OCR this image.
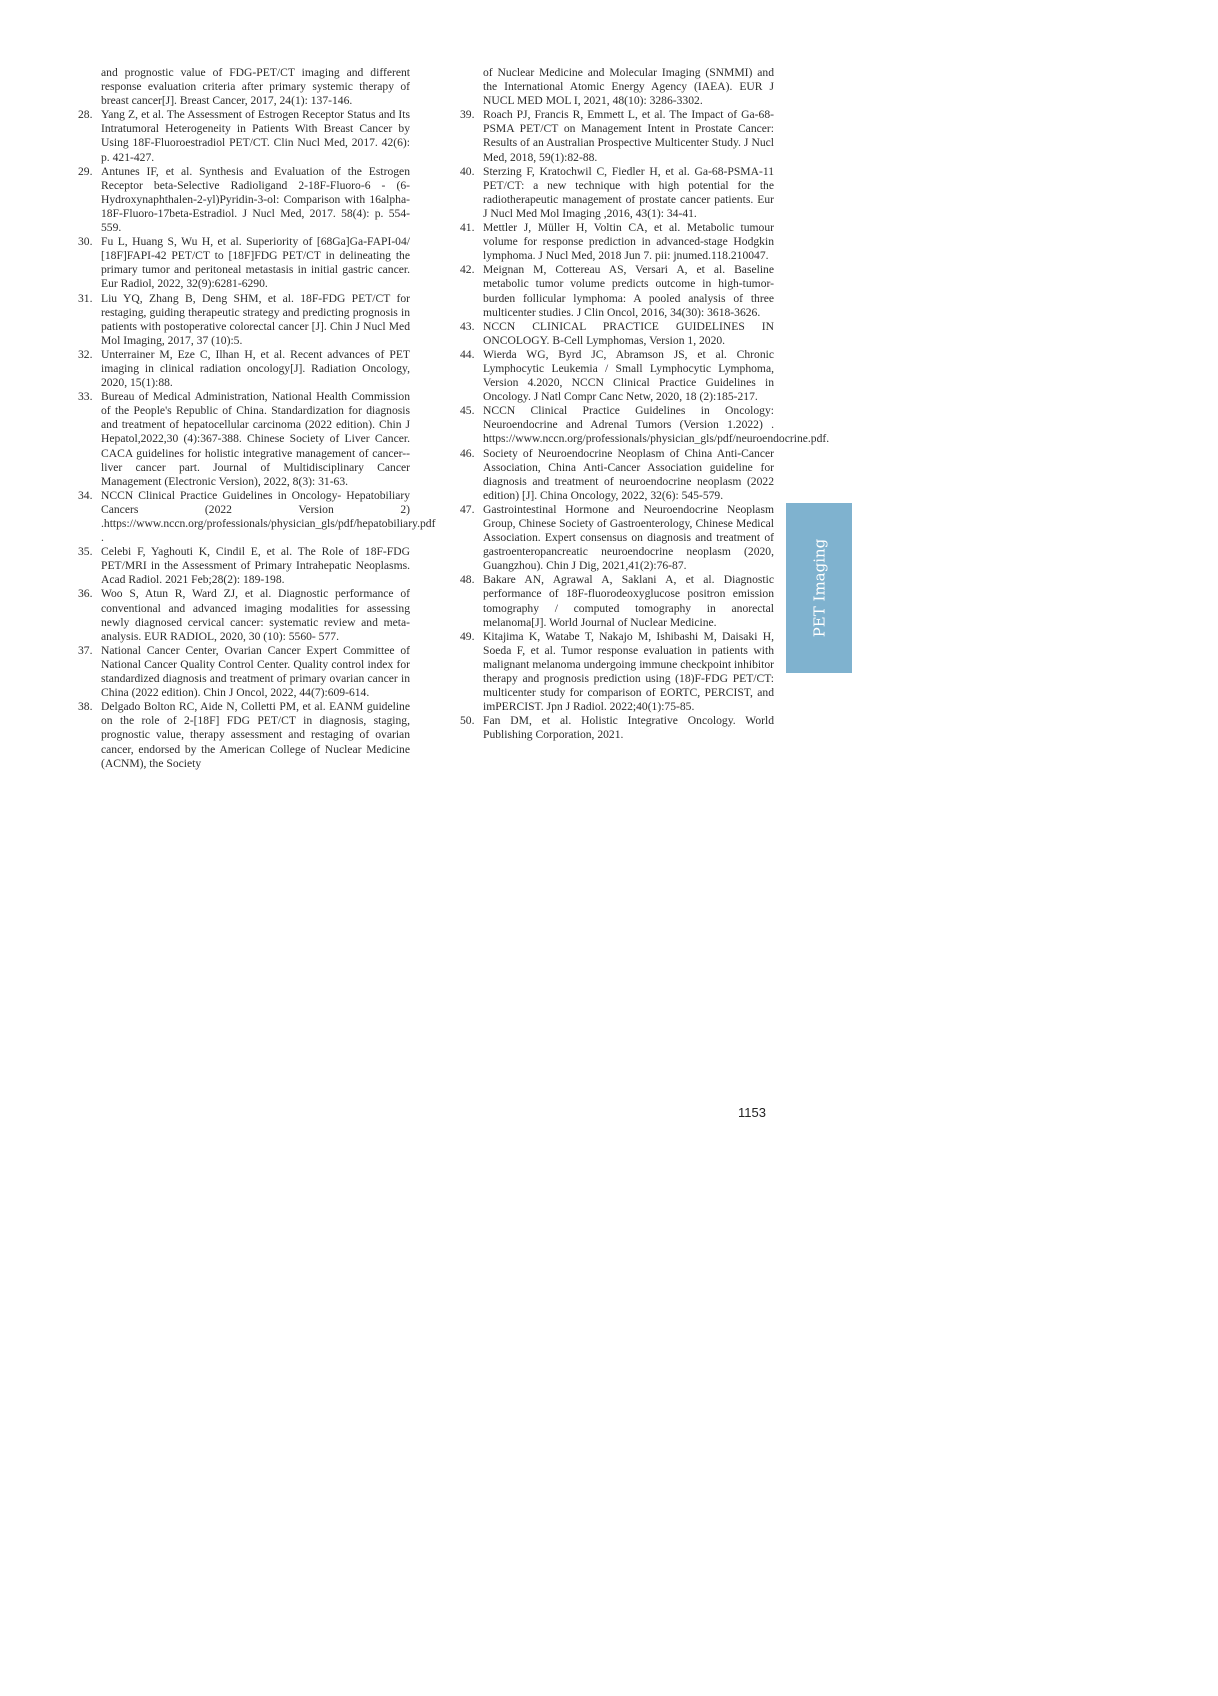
and prognostic value of FDG-PET/CT imaging and different response evaluation criteria after primary systemic therapy of breast cancer[J]. Breast Cancer, 2017, 24(1): 137-146.
28. Yang Z, et al. The Assessment of Estrogen Receptor Status and Its Intratumoral Heterogeneity in Patients With Breast Cancer by Using 18F-Fluoroestradiol PET/CT. Clin Nucl Med, 2017. 42(6): p. 421-427.
29. Antunes IF, et al. Synthesis and Evaluation of the Estrogen Receptor beta-Selective Radioligand 2-18F-Fluoro-6 - (6-Hydroxynaphthalen-2-yl)Pyridin-3-ol: Comparison with 16alpha-18F-Fluoro-17beta-Estradiol. J Nucl Med, 2017. 58(4): p. 554-559.
30. Fu L, Huang S, Wu H, et al. Superiority of [68Ga]Ga-FAPI-04/ [18F]FAPI-42 PET/CT to [18F]FDG PET/CT in delineating the primary tumor and peritoneal metastasis in initial gastric cancer. Eur Radiol, 2022, 32(9):6281-6290.
31. Liu YQ, Zhang B, Deng SHM, et al. 18F-FDG PET/CT for restaging, guiding therapeutic strategy and predicting prognosis in patients with postoperative colorectal cancer [J]. Chin J Nucl Med Mol Imaging, 2017, 37 (10):5.
32. Unterrainer M, Eze C, Ilhan H, et al. Recent advances of PET imaging in clinical radiation oncology[J]. Radiation Oncology, 2020, 15(1):88.
33. Bureau of Medical Administration, National Health Commission of the People's Republic of China. Standardization for diagnosis and treatment of hepatocellular carcinoma (2022 edition). Chin J Hepatol,2022,30 (4):367-388. Chinese Society of Liver Cancer. CACA guidelines for holistic integrative management of cancer--liver cancer part. Journal of Multidisciplinary Cancer Management (Electronic Version), 2022, 8(3): 31-63.
34. NCCN Clinical Practice Guidelines in Oncology- Hepatobiliary Cancers (2022 Version 2) .https://www.nccn.org/professionals/physician_gls/pdf/hepatobiliary.pdf .
35. Celebi F, Yaghouti K, Cindil E, et al. The Role of 18F-FDG PET/MRI in the Assessment of Primary Intrahepatic Neoplasms. Acad Radiol. 2021 Feb;28(2): 189-198.
36. Woo S, Atun R, Ward ZJ, et al. Diagnostic performance of conventional and advanced imaging modalities for assessing newly diagnosed cervical cancer: systematic review and meta-analysis. EUR RADIOL, 2020, 30 (10): 5560- 577.
37. National Cancer Center, Ovarian Cancer Expert Committee of National Cancer Quality Control Center. Quality control index for standardized diagnosis and treatment of primary ovarian cancer in China (2022 edition). Chin J Oncol, 2022, 44(7):609-614.
38. Delgado Bolton RC, Aide N, Colletti PM, et al. EANM guideline on the role of 2-[18F] FDG PET/CT in diagnosis, staging, prognostic value, therapy assessment and restaging of ovarian cancer, endorsed by the American College of Nuclear Medicine (ACNM), the Society
of Nuclear Medicine and Molecular Imaging (SNMMI) and the International Atomic Energy Agency (IAEA). EUR J NUCL MED MOL I, 2021, 48(10): 3286-3302.
39. Roach PJ, Francis R, Emmett L, et al. The Impact of Ga-68-PSMA PET/CT on Management Intent in Prostate Cancer: Results of an Australian Prospective Multicenter Study. J Nucl Med, 2018, 59(1):82-88.
40. Sterzing F, Kratochwil C, Fiedler H, et al. Ga-68-PSMA-11 PET/CT: a new technique with high potential for the radiotherapeutic management of prostate cancer patients. Eur J Nucl Med Mol Imaging ,2016, 43(1): 34-41.
41. Mettler J, Müller H, Voltin CA, et al. Metabolic tumour volume for response prediction in advanced-stage Hodgkin lymphoma. J Nucl Med, 2018 Jun 7. pii: jnumed.118.210047.
42. Meignan M, Cottereau AS, Versari A, et al. Baseline metabolic tumor volume predicts outcome in high-tumor-burden follicular lymphoma: A pooled analysis of three multicenter studies. J Clin Oncol, 2016, 34(30): 3618-3626.
43. NCCN CLINICAL PRACTICE GUIDELINES IN ONCOLOGY. B-Cell Lymphomas, Version 1, 2020.
44. Wierda WG, Byrd JC, Abramson JS, et al. Chronic Lymphocytic Leukemia / Small Lymphocytic Lymphoma, Version 4.2020, NCCN Clinical Practice Guidelines in Oncology. J Natl Compr Canc Netw, 2020, 18 (2):185-217.
45. NCCN Clinical Practice Guidelines in Oncology: Neuroendocrine and Adrenal Tumors (Version 1.2022) . https://www.nccn.org/professionals/physician_gls/pdf/neuroendocrine.pdf.
46. Society of Neuroendocrine Neoplasm of China Anti-Cancer Association, China Anti-Cancer Association guideline for diagnosis and treatment of neuroendocrine neoplasm (2022 edition) [J]. China Oncology, 2022, 32(6): 545-579.
47. Gastrointestinal Hormone and Neuroendocrine Neoplasm Group, Chinese Society of Gastroenterology, Chinese Medical Association. Expert consensus on diagnosis and treatment of gastroenteropancreatic neuroendocrine neoplasm (2020, Guangzhou). Chin J Dig, 2021,41(2):76-87.
48. Bakare AN, Agrawal A, Saklani A, et al. Diagnostic performance of 18F-fluorodeoxyglucose positron emission tomography / computed tomography in anorectal melanoma[J]. World Journal of Nuclear Medicine.
49. Kitajima K, Watabe T, Nakajo M, Ishibashi M, Daisaki H, Soeda F, et al. Tumor response evaluation in patients with malignant melanoma undergoing immune checkpoint inhibitor therapy and prognosis prediction using (18)F-FDG PET/CT: multicenter study for comparison of EORTC, PERCIST, and imPERCIST. Jpn J Radiol. 2022;40(1):75-85.
50. Fan DM, et al. Holistic Integrative Oncology. World Publishing Corporation, 2021.
PET Imaging
1153
